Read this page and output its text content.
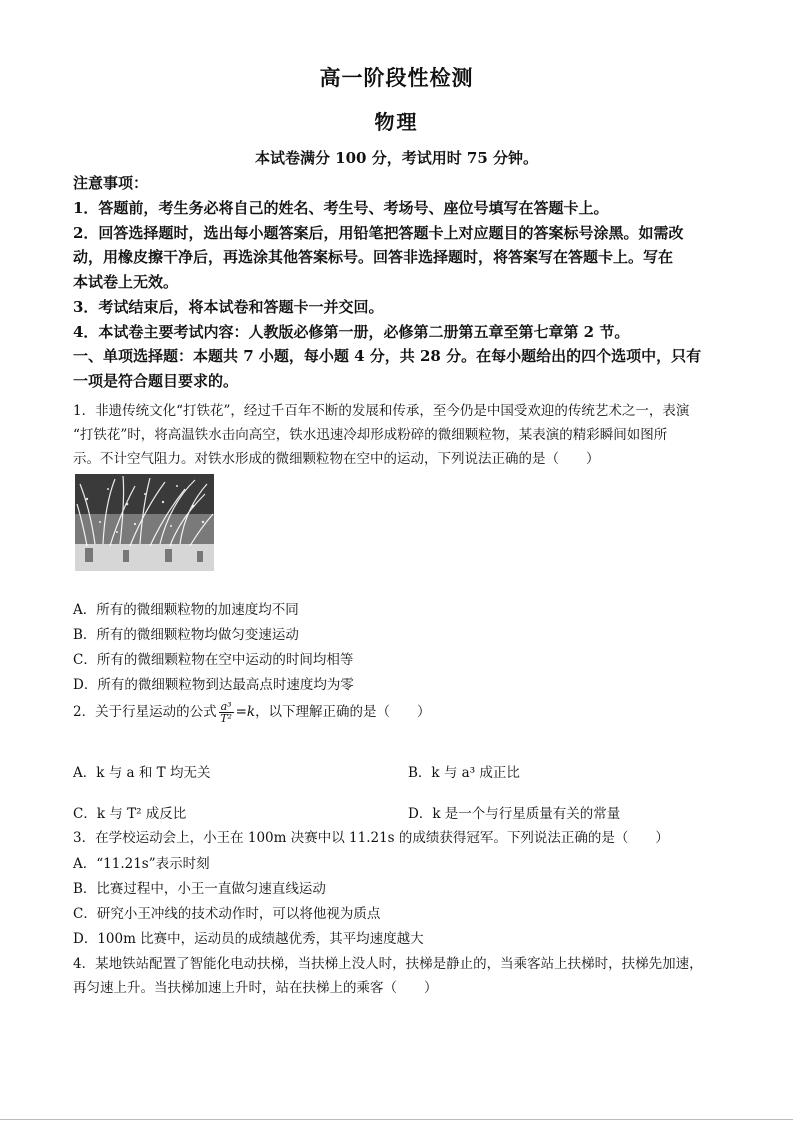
高一阶段性检测
物理
本试卷满分 100 分，考试用时 75 分钟。
注意事项：
1．答题前，考生务必将自己的姓名、考生号、考场号、座位号填写在答题卡上。
2．回答选择题时，选出每小题答案后，用铅笔把答题卡上对应题目的答案标号涂黑。如需改
动，用橡皮擦干净后，再选涂其他答案标号。回答非选择题时，将答案写在答题卡上。写在
本试卷上无效。
3．考试结束后，将本试卷和答题卡一并交回。
4．本试卷主要考试内容：人教版必修第一册，必修第二册第五章至第七章第 2 节。
一、单项选择题：本题共 7 小题，每小题 4 分，共 28 分。在每小题给出的四个选项中，只有
一项是符合题目要求的。
1．非遗传统文化“打铁花”，经过千百年不断的发展和传承，至今仍是中国受欢迎的传统艺术之一，表演
“打铁花”时，将高温铁水击向高空，铁水迅速冷却形成粉碎的微细颗粒物，某表演的精彩瞬间如图所
示。不计空气阻力。对铁水形成的微细颗粒物在空中的运动，下列说法正确的是（　　）
A．所有的微细颗粒物的加速度均不同
B．所有的微细颗粒物均做匀变速运动
C．所有的微细颗粒物在空中运动的时间均相等
D．所有的微细颗粒物到达最高点时速度均为零
2．关于行星运动的公式 $\frac{\text{a³}}{\text{T²}} =k$，以下理解正确的是（　　）
A．k 与 a 和 T 均无关	B．k 与 a³ 成正比
C．k 与 T² 成反比	D．k 是一个与行星质量有关的常量
3．在学校运动会上，小王在 100m 决赛中以 11.21s 的成绩获得冠军。下列说法正确的是（　　）
A．“11.21s”表示时刻
B．比赛过程中，小王一直做匀速直线运动
C．研究小王冲线的技术动作时，可以将他视为质点
D．100m 比赛中，运动员的成绩越优秀，其平均速度越大
4．某地铁站配置了智能化电动扶梯，当扶梯上没人时，扶梯是静止的，当乘客站上扶梯时，扶梯先加速，
再匀速上升。当扶梯加速上升时，站在扶梯上的乘客（　　）
